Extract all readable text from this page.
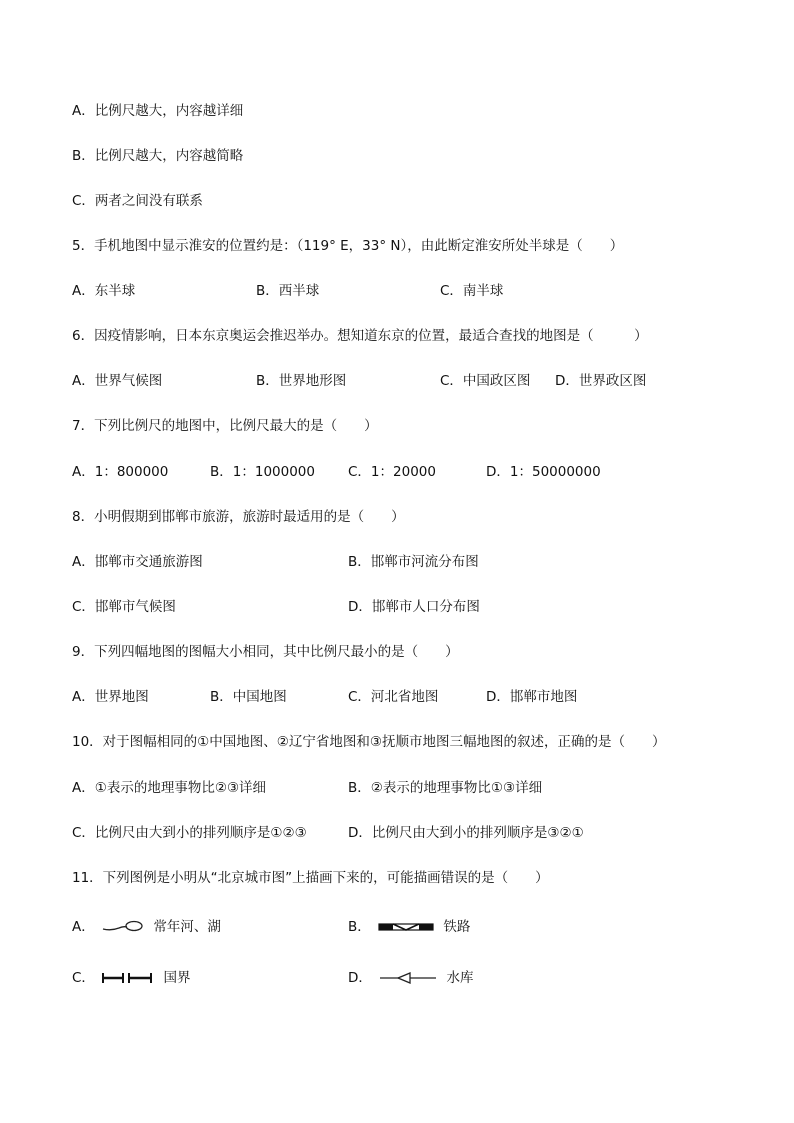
A．比例尺越大，内容越详细
B．比例尺越大，内容越简略
C．两者之间没有联系
5．手机地图中显示淮安的位置约是：（119° E，33° N），由此断定淮安所处半球是（　　）
A．东半球	B．西半球	C．南半球
6．因疫情影响，日本东京奥运会推迟举办。想知道东京的位置，最适合查找的地图是（　　　）
A．世界气候图	B．世界地形图	C．中国政区图 D．世界政区图
7．下列比例尺的地图中，比例尺最大的是（　　）
A．1：800000	B．1：1000000 C．1：20000	D．1：50000000
8．小明假期到邯郸市旅游，旅游时最适用的是（　　）
A．邯郸市交通旅游图	B．邯郸市河流分布图
C．邯郸市气候图	D．邯郸市人口分布图
9．下列四幅地图的图幅大小相同，其中比例尺最小的是（　　）
A．世界地图	B．中国地图	C．河北省地图	D．邯郸市地图
10．对于图幅相同的①中国地图、②辽宁省地图和③抚顺市地图三幅地图的叙述，正确的是（　　）
A．①表示的地理事物比②③详细	B．②表示的地理事物比①③详细
C．比例尺由大到小的排列顺序是①②③	D．比例尺由大到小的排列顺序是③②①
11．下列图例是小明从“北京城市图”上描画下来的，可能描画错误的是（　　）
A．	常年河、湖	B．	铁路
C．	国界	D．	水库
